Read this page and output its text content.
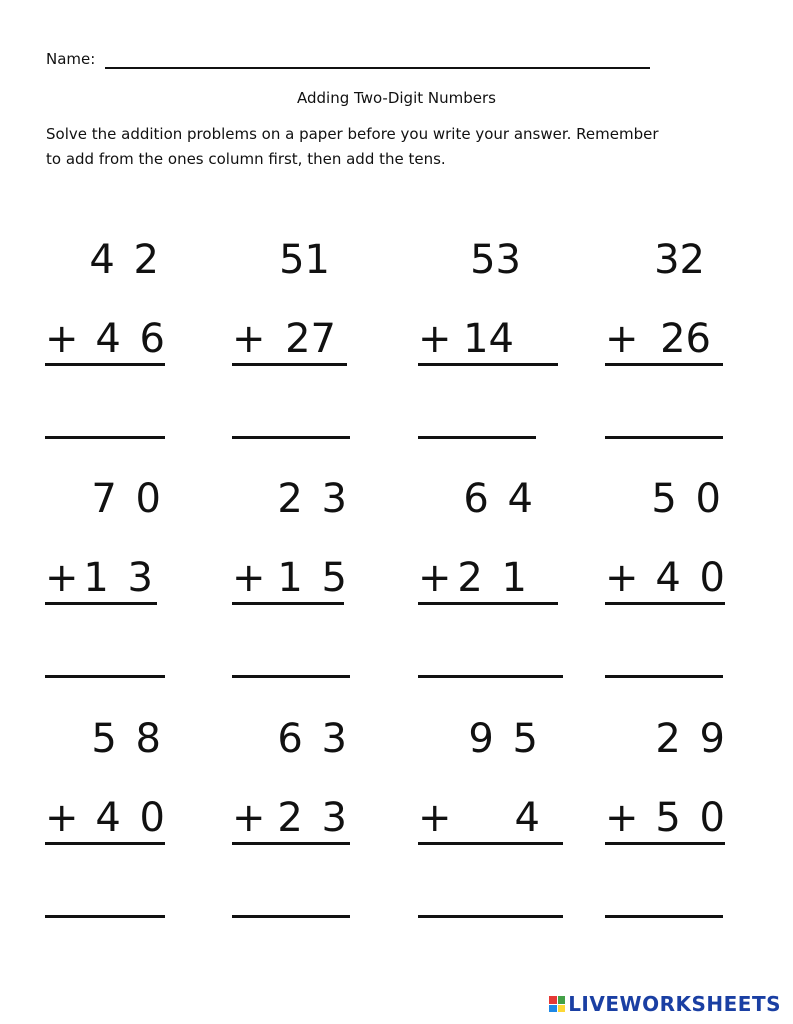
Name:
Adding Two-Digit Numbers
Solve the addition problems on a paper before you write your answer. Remember
to add from the ones column first, then add the tens.
4 2
+ 4 6
51
+ 27
53
+ 14
32
+ 26
7 0
+ 1 3
2 3
+ 1 5
6 4
+ 2 1
5 0
+ 4 0
5 8
+ 4 0
6 3
+ 2 3
9 5
+ 4
2 9
+ 5 0
LIVEWORKSHEETS
